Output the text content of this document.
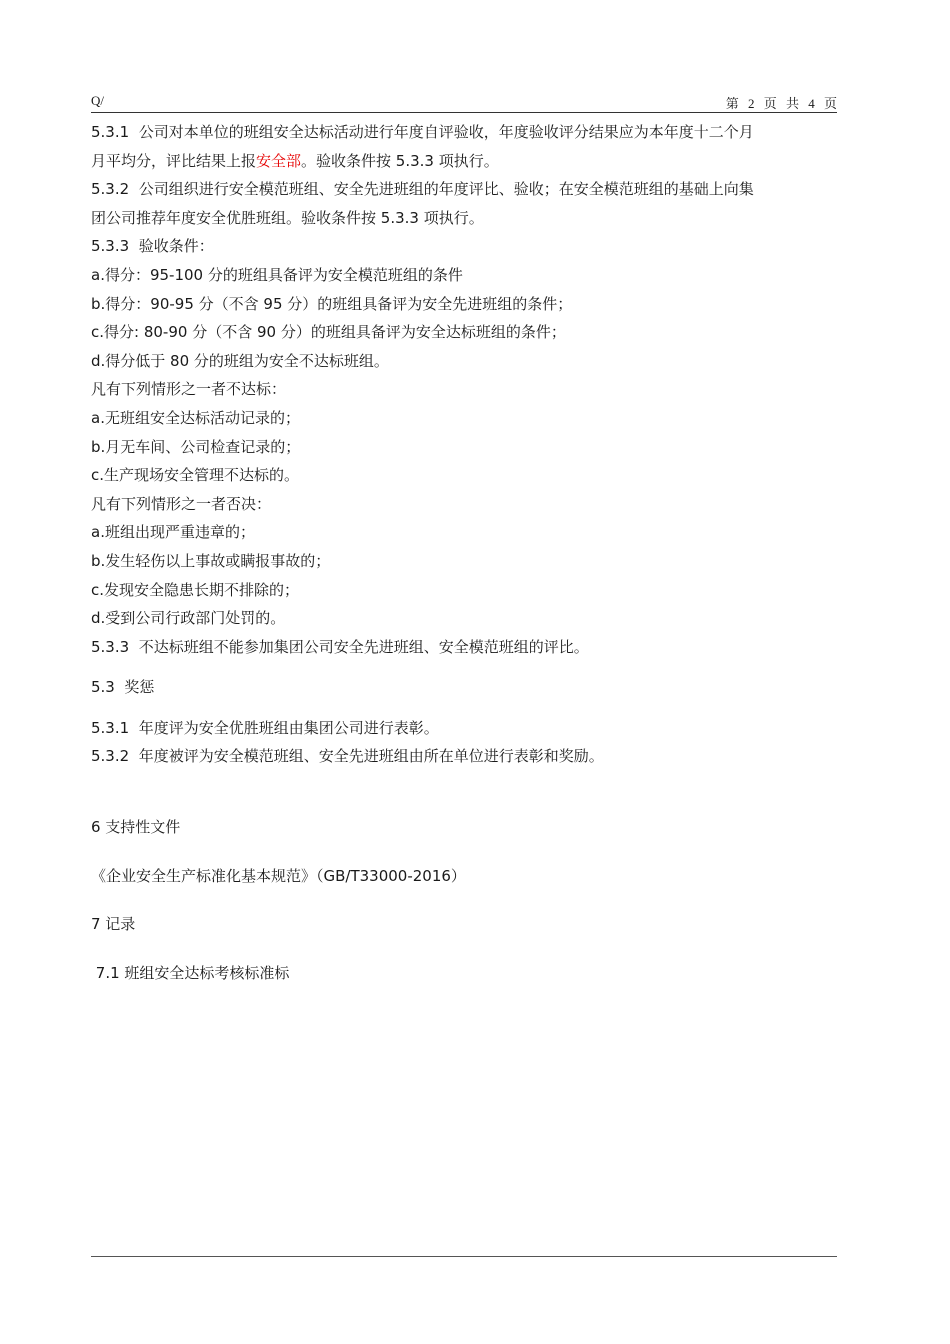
Q/	第 2 页 共 4 页
5.3.1  公司对本单位的班组安全达标活动进行年度自评验收，年度验收评分结果应为本年度十二个月
月平均分，评比结果上报安全部。验收条件按 5.3.3 项执行。
5.3.2  公司组织进行安全模范班组、安全先进班组的年度评比、验收；在安全模范班组的基础上向集
团公司推荐年度安全优胜班组。验收条件按 5.3.3 项执行。
5.3.3  验收条件：
a.得分：95-100 分的班组具备评为安全模范班组的条件
b.得分：90-95 分（不含 95 分）的班组具备评为安全先进班组的条件；
c.得分: 80-90 分（不含 90 分）的班组具备评为安全达标班组的条件；
d.得分低于 80 分的班组为安全不达标班组。
凡有下列情形之一者不达标：
a.无班组安全达标活动记录的；
b.月无车间、公司检查记录的；
c.生产现场安全管理不达标的。
凡有下列情形之一者否决：
a.班组出现严重违章的；
b.发生轻伤以上事故或瞒报事故的；
c.发现安全隐患长期不排除的；
d.受到公司行政部门处罚的。
5.3.3  不达标班组不能参加集团公司安全先进班组、安全模范班组的评比。
5.3  奖惩
5.3.1  年度评为安全优胜班组由集团公司进行表彰。
5.3.2  年度被评为安全模范班组、安全先进班组由所在单位进行表彰和奖励。
6 支持性文件
《企业安全生产标准化基本规范》（GB/T33000-2016）
7 记录
7.1 班组安全达标考核标准标
